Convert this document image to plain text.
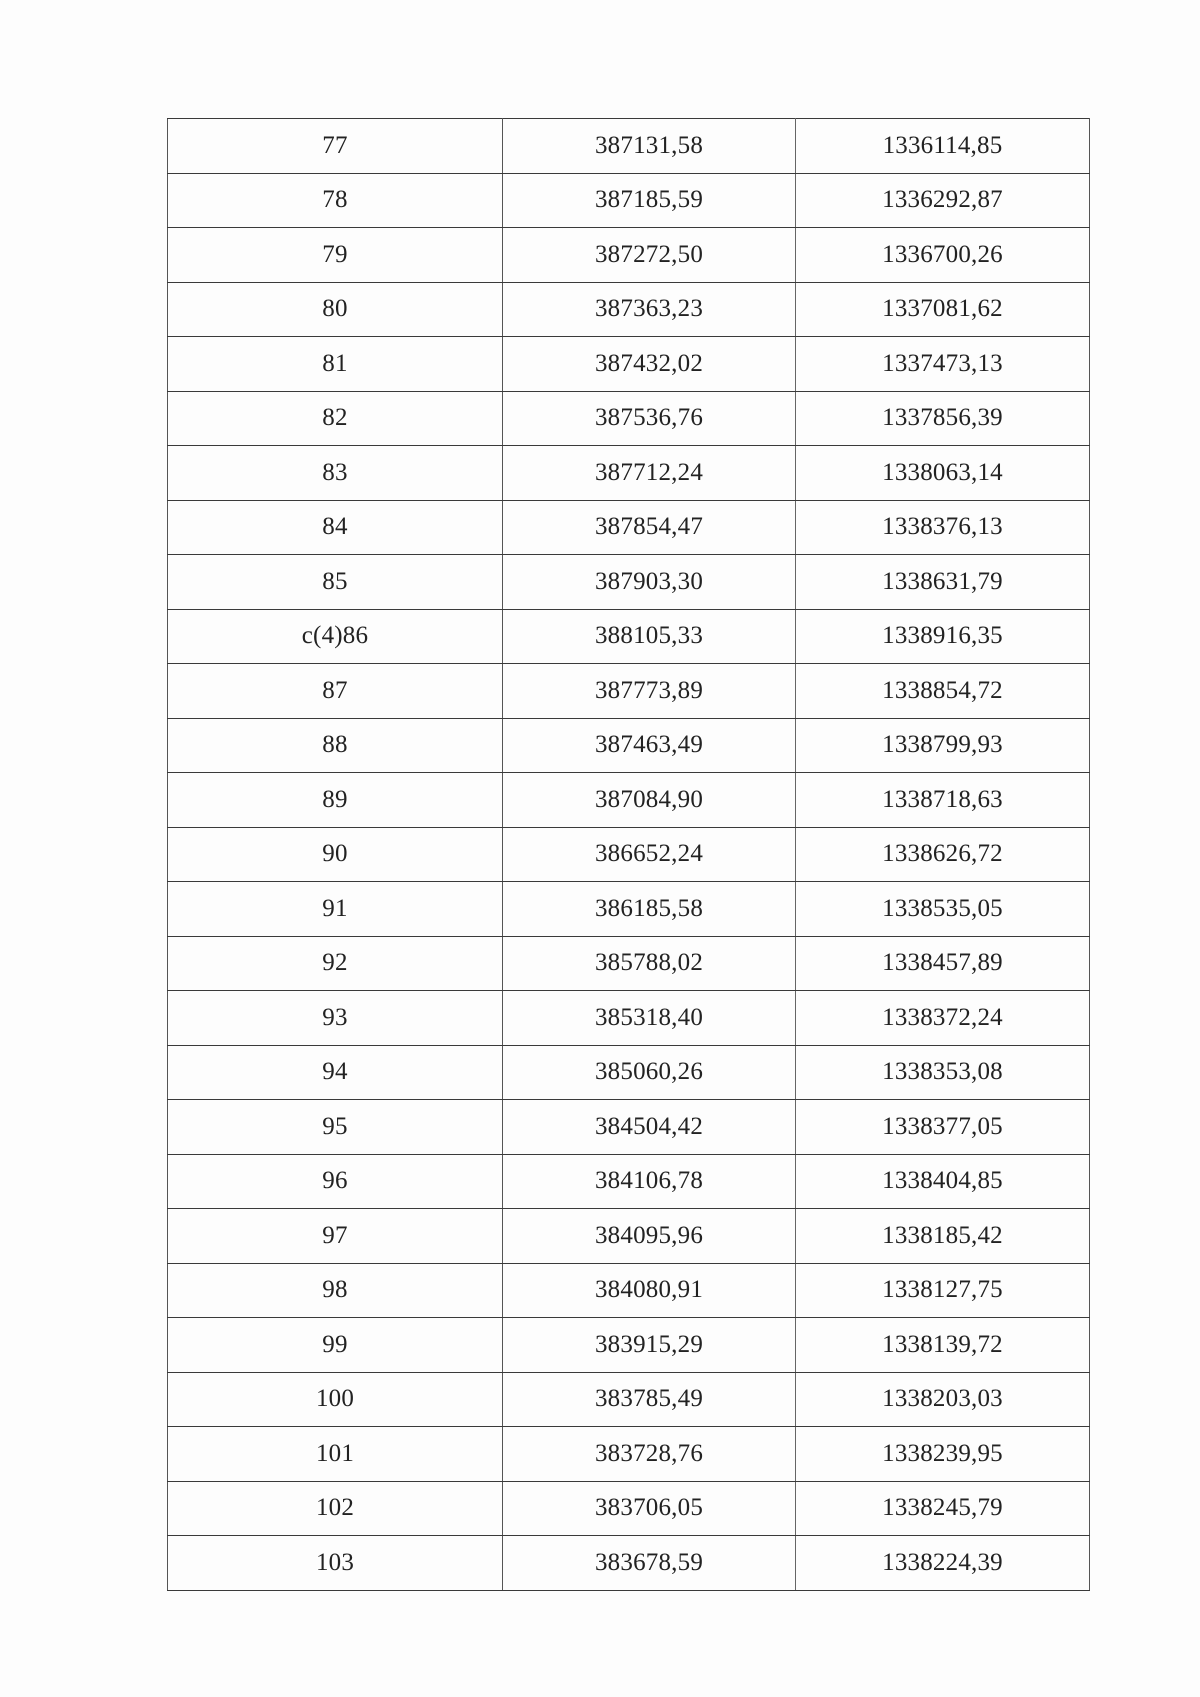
77	387131,58	1336114,85
78	387185,59	1336292,87
79	387272,50	1336700,26
80	387363,23	1337081,62
81	387432,02	1337473,13
82	387536,76	1337856,39
83	387712,24	1338063,14
84	387854,47	1338376,13
85	387903,30	1338631,79
с(4)86	388105,33	1338916,35
87	387773,89	1338854,72
88	387463,49	1338799,93
89	387084,90	1338718,63
90	386652,24	1338626,72
91	386185,58	1338535,05
92	385788,02	1338457,89
93	385318,40	1338372,24
94	385060,26	1338353,08
95	384504,42	1338377,05
96	384106,78	1338404,85
97	384095,96	1338185,42
98	384080,91	1338127,75
99	383915,29	1338139,72
100	383785,49	1338203,03
101	383728,76	1338239,95
102	383706,05	1338245,79
103	383678,59	1338224,39
